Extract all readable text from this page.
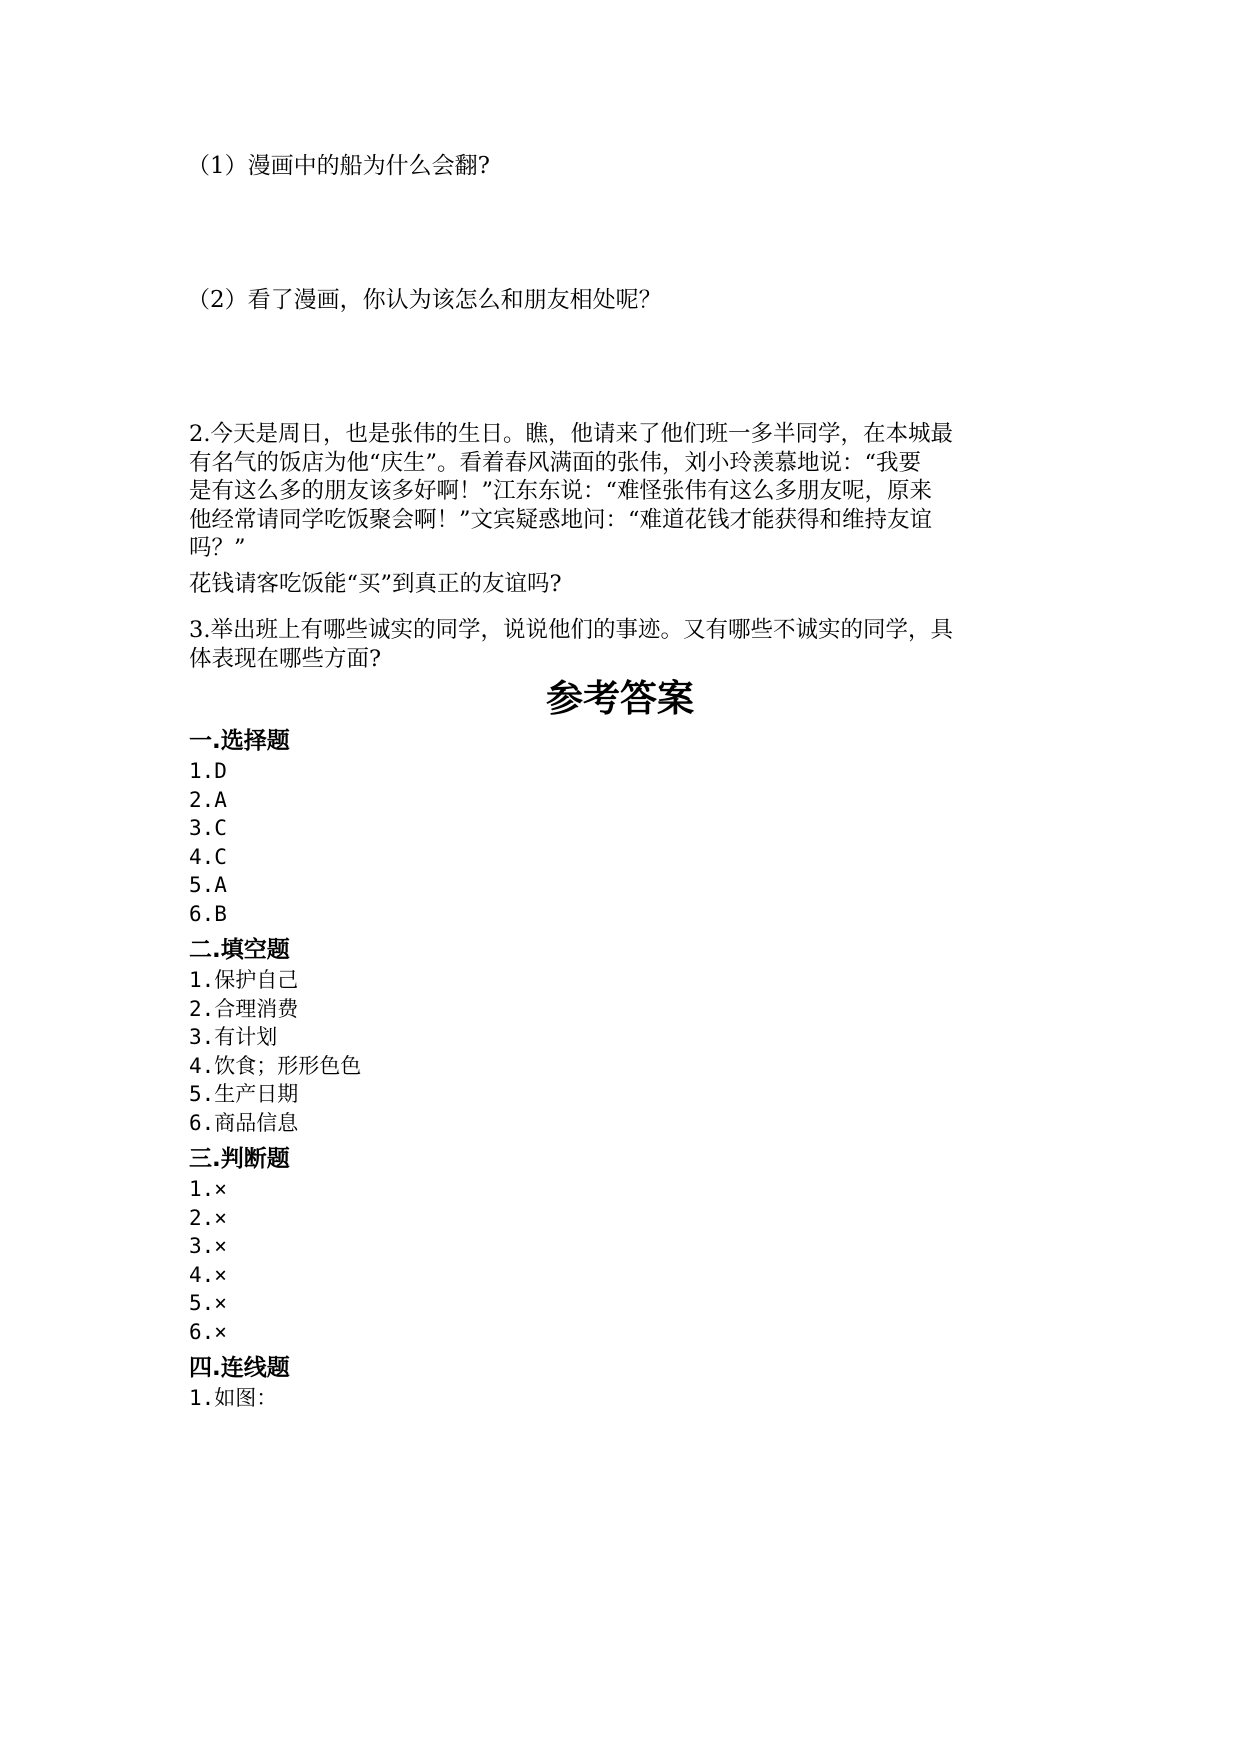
（1）漫画中的船为什么会翻?
（2）看了漫画，你认为该怎么和朋友相处呢？

2.今天是周日，也是张伟的生日。瞧，他请来了他们班一多半同学，在本城最
有名气的饭店为他“庆生”。看着春风满面的张伟，刘小玲羡慕地说：“我要
是有这么多的朋友该多好啊！”江东东说：“难怪张伟有这么多朋友呢，原来
他经常请同学吃饭聚会啊！”文宾疑惑地问：“难道花钱才能获得和维持友谊
吗？”

花钱请客吃饭能“买”到真正的友谊吗?

3.举出班上有哪些诚实的同学，说说他们的事迹。又有哪些不诚实的同学，具
体表现在哪些方面?

参考答案
一.选择题
1.D
2.A
3.C
4.C
5.A
6.B
二.填空题
1.保护自己
2.合理消费
3.有计划
4.饮食；形形色色
5.生产日期
6.商品信息
三.判断题
1.×
2.×
3.×
4.×
5.×
6.×
四.连线题
1.如图：
